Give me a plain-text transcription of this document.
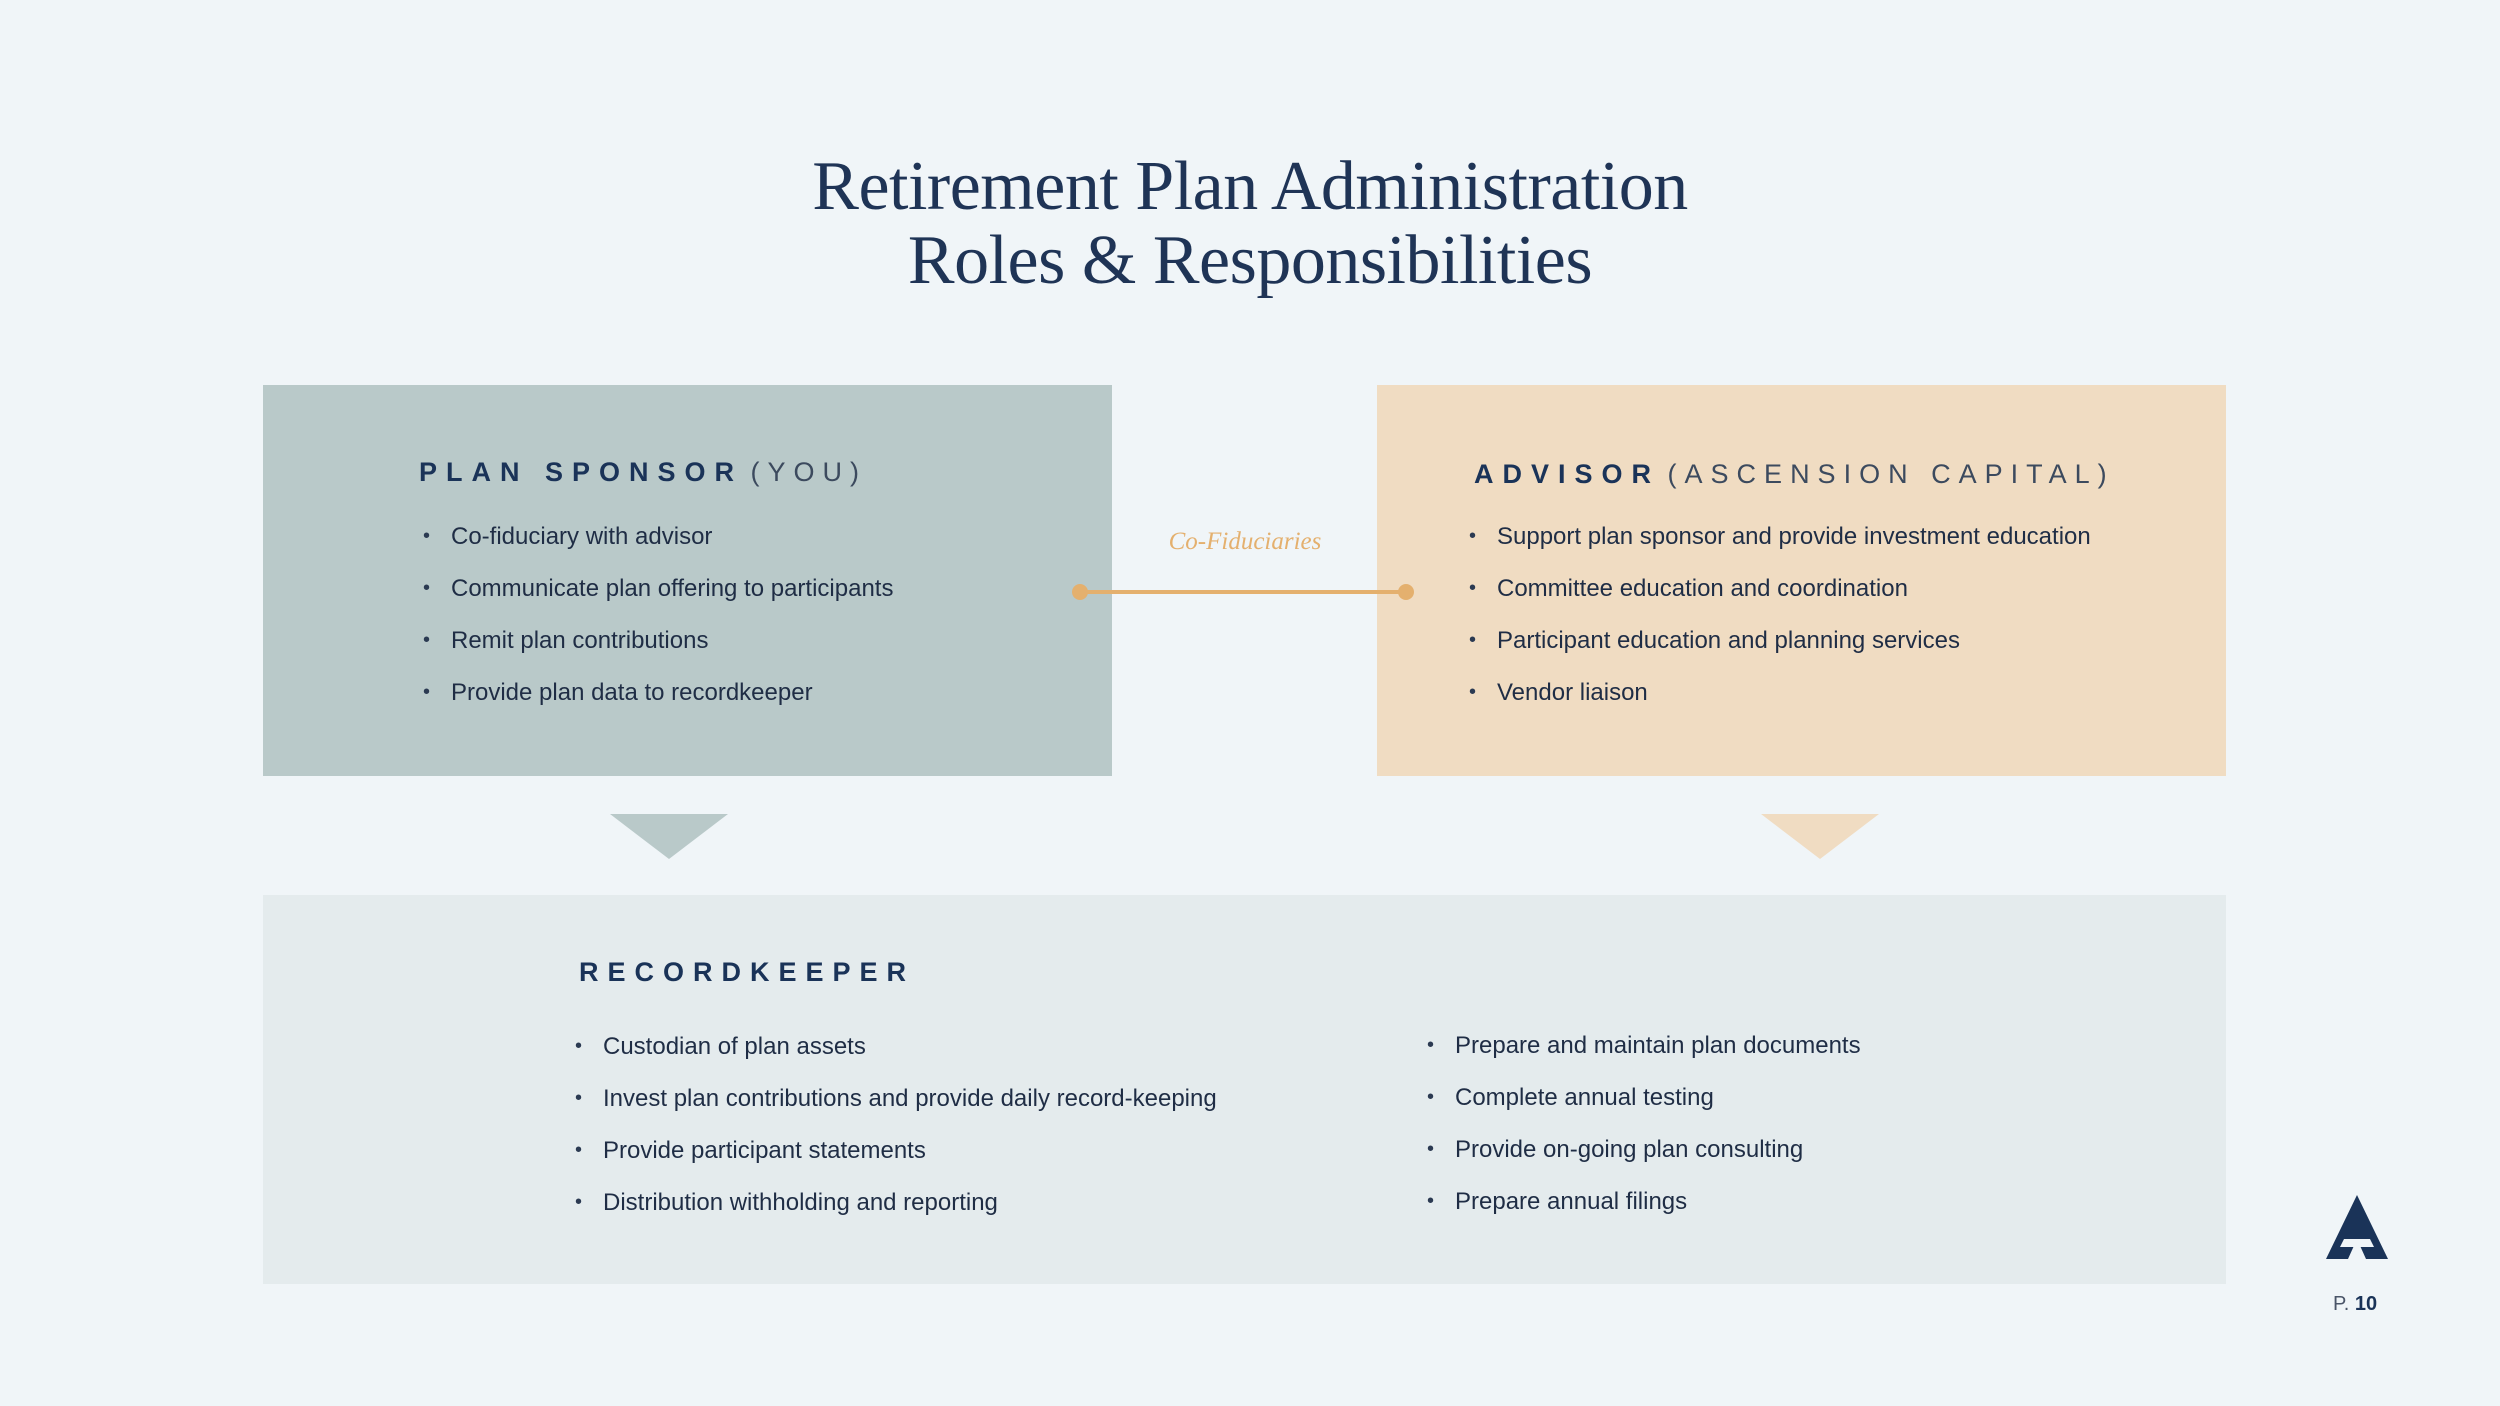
Retirement Plan Administration
Roles & Responsibilities
PLAN SPONSOR (YOU)
• Co-fiduciary with advisor
• Communicate plan offering to participants
• Remit plan contributions
• Provide plan data to recordkeeper
ADVISOR (ASCENSION CAPITAL)
• Support plan sponsor and provide investment education
• Committee education and coordination
• Participant education and planning services
• Vendor liaison
Co-Fiduciaries
RECORDKEEPER
• Custodian of plan assets
• Invest plan contributions and provide daily record-keeping
• Provide participant statements
• Distribution withholding and reporting
• Prepare and maintain plan documents
• Complete annual testing
• Provide on-going plan consulting
• Prepare annual filings
P. 10
